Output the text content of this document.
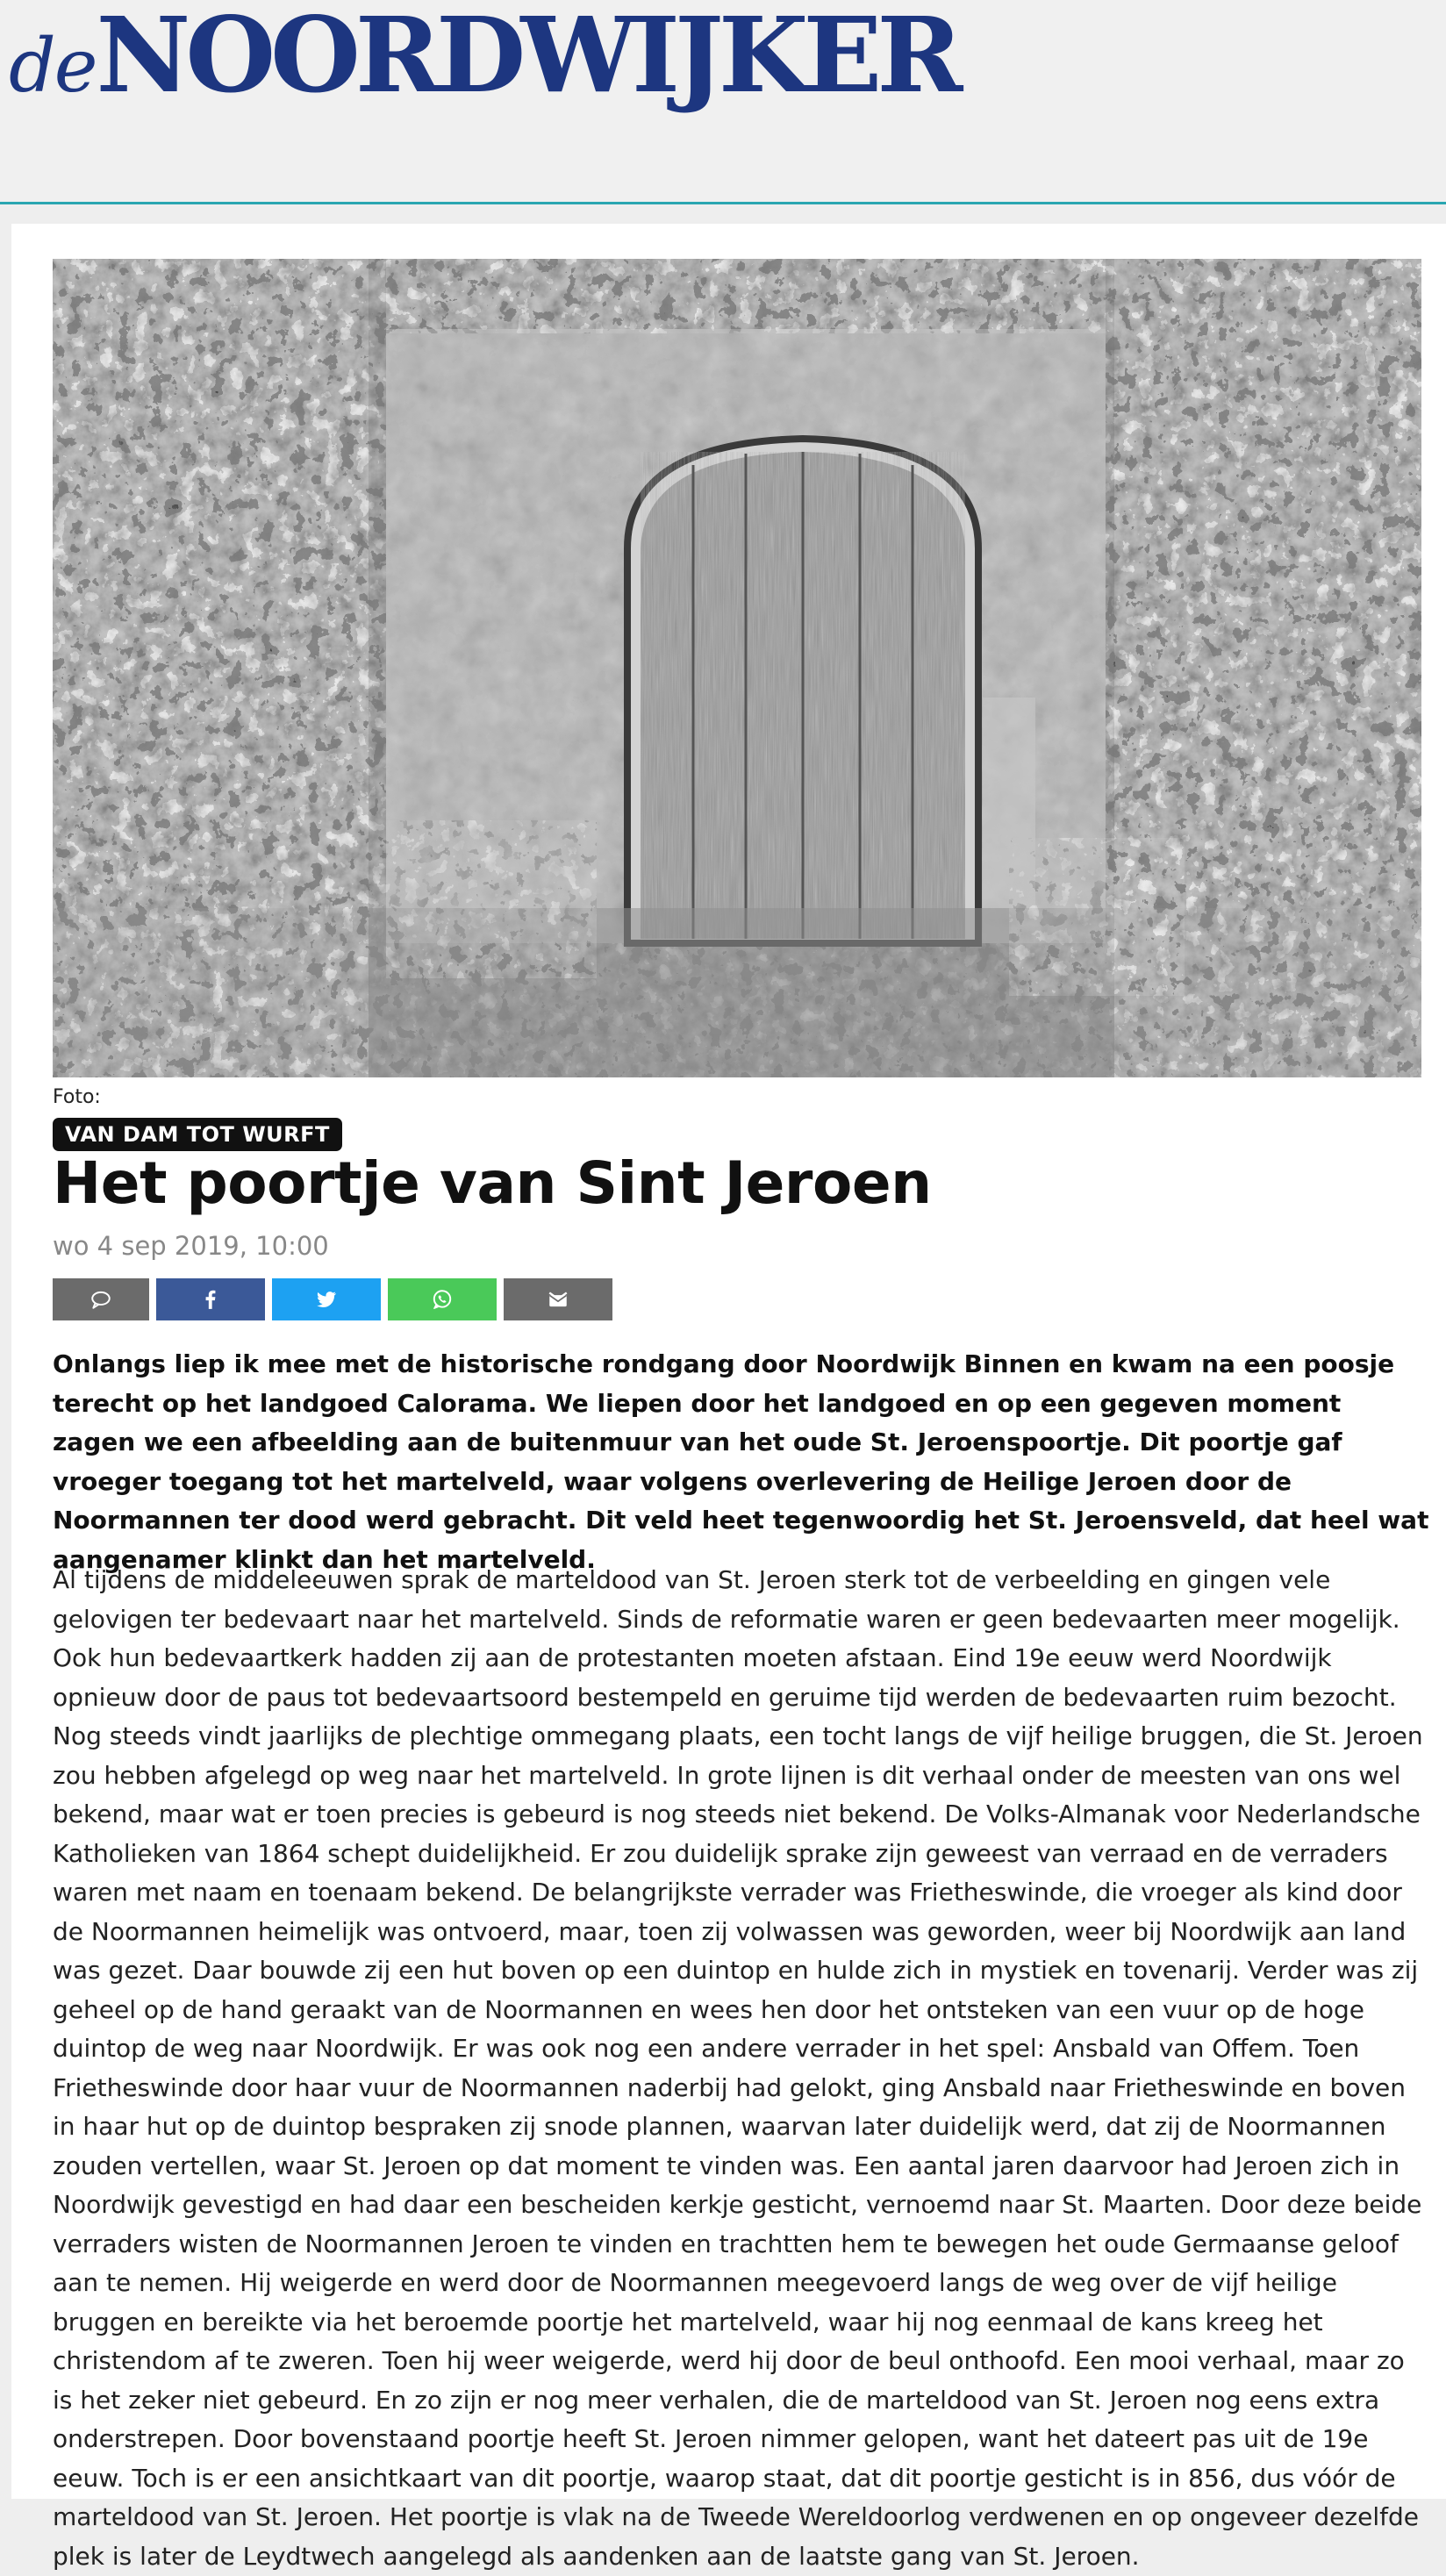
deNOORDWIJKER
Foto:
VAN DAM TOT WURFT
Het poortje van Sint Jeroen
wo 4 sep 2019, 10:00

Onlangs liep ik mee met de historische rondgang door Noordwijk Binnen en kwam na een poosje terecht op het landgoed Calorama. We liepen door het landgoed en op een gegeven moment zagen we een afbeelding aan de buitenmuur van het oude St. Jeroenspoortje. Dit poortje gaf vroeger toegang tot het martelveld, waar volgens overlevering de Heilige Jeroen door de Noormannen ter dood werd gebracht. Dit veld heet tegenwoordig het St. Jeroensveld, dat heel wat aangenamer klinkt dan het martelveld.

Al tijdens de middeleeuwen sprak de marteldood van St. Jeroen sterk tot de verbeelding en gingen vele gelovigen ter bedevaart naar het martelveld. Sinds de reformatie waren er geen bedevaarten meer mogelijk. Ook hun bedevaartkerk hadden zij aan de protestanten moeten afstaan. Eind 19e eeuw werd Noordwijk opnieuw door de paus tot bedevaartsoord bestempeld en geruime tijd werden de bedevaarten ruim bezocht. Nog steeds vindt jaarlijks de plechtige ommegang plaats, een tocht langs de vijf heilige bruggen, die St. Jeroen zou hebben afgelegd op weg naar het martelveld. In grote lijnen is dit verhaal onder de meesten van ons wel bekend, maar wat er toen precies is gebeurd is nog steeds niet bekend. De Volks-Almanak voor Nederlandsche Katholieken van 1864 schept duidelijkheid. Er zou duidelijk sprake zijn geweest van verraad en de verraders waren met naam en toenaam bekend. De belangrijkste verrader was Frietheswinde, die vroeger als kind door de Noormannen heimelijk was ontvoerd, maar, toen zij volwassen was geworden, weer bij Noordwijk aan land was gezet. Daar bouwde zij een hut boven op een duintop en hulde zich in mystiek en tovenarij. Verder was zij geheel op de hand geraakt van de Noormannen en wees hen door het ontsteken van een vuur op de hoge duintop de weg naar Noordwijk. Er was ook nog een andere verrader in het spel: Ansbald van Offem. Toen Frietheswinde door haar vuur de Noormannen naderbij had gelokt, ging Ansbald naar Frietheswinde en boven in haar hut op de duintop bespraken zij snode plannen, waarvan later duidelijk werd, dat zij de Noormannen zouden vertellen, waar St. Jeroen op dat moment te vinden was. Een aantal jaren daarvoor had Jeroen zich in Noordwijk gevestigd en had daar een bescheiden kerkje gesticht, vernoemd naar St. Maarten. Door deze beide verraders wisten de Noormannen Jeroen te vinden en trachtten hem te bewegen het oude Germaanse geloof aan te nemen. Hij weigerde en werd door de Noormannen meegevoerd langs de weg over de vijf heilige bruggen en bereikte via het beroemde poortje het martelveld, waar hij nog eenmaal de kans kreeg het christendom af te zweren. Toen hij weer weigerde, werd hij door de beul onthoofd. Een mooi verhaal, maar zo is het zeker niet gebeurd. En zo zijn er nog meer verhalen, die de marteldood van St. Jeroen nog eens extra onderstrepen. Door bovenstaand poortje heeft St. Jeroen nimmer gelopen, want het dateert pas uit de 19e eeuw. Toch is er een ansichtkaart van dit poortje, waarop staat, dat dit poortje gesticht is in 856, dus vóór de marteldood van St. Jeroen. Het poortje is vlak na de Tweede Wereldoorlog verdwenen en op ongeveer dezelfde plek is later de Leydtwech aangelegd als aandenken aan de laatste gang van St. Jeroen.
